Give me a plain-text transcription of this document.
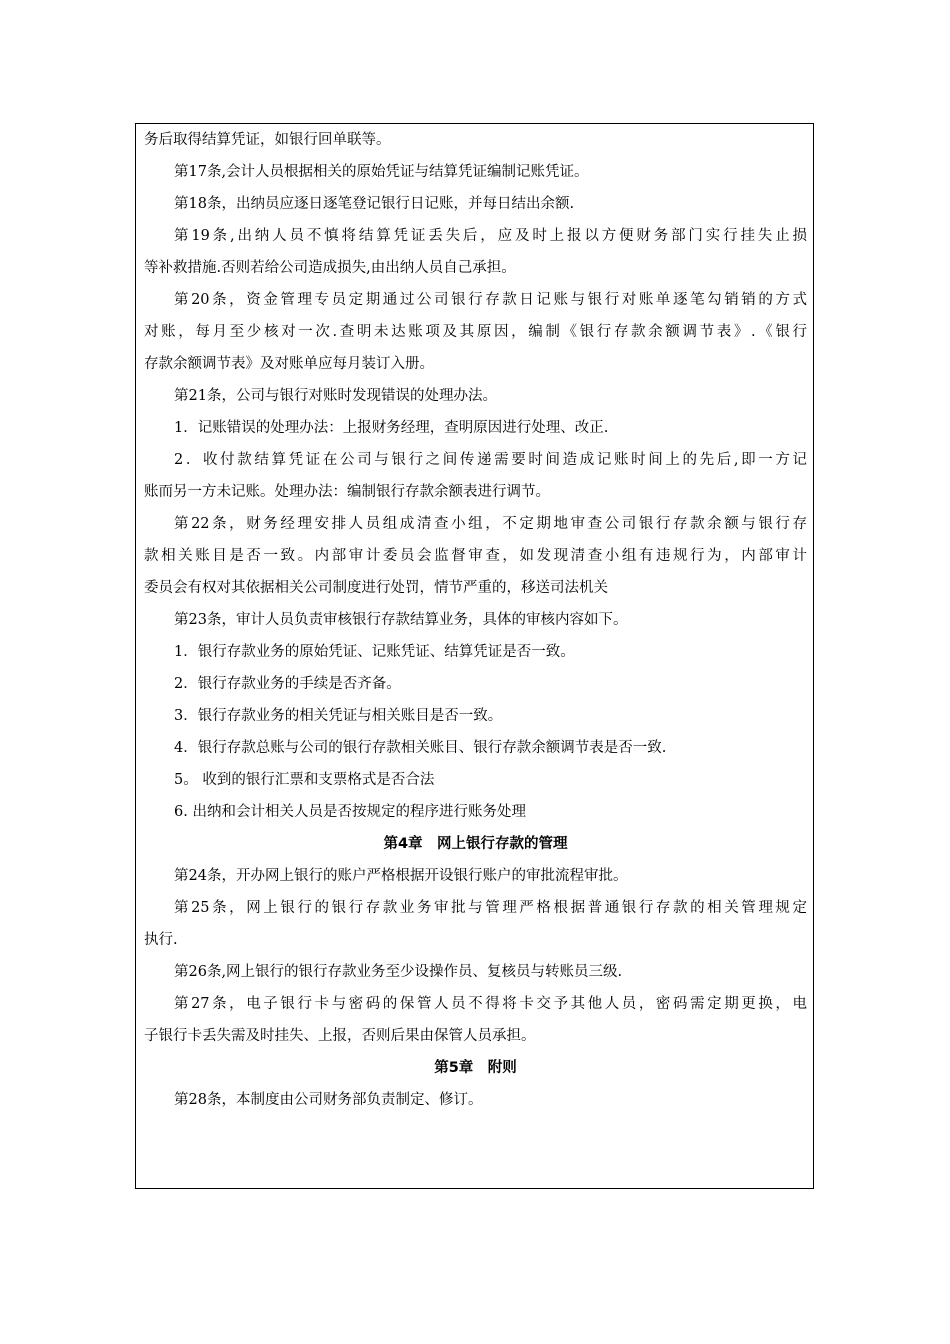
务后取得结算凭证，如银行回单联等。
第17条,会计人员根据相关的原始凭证与结算凭证编制记账凭证。
第18条，出纳员应逐日逐笔登记银行日记账，并每日结出余额.
第19条,出纳人员不慎将结算凭证丢失后，应及时上报以方便财务部门实行挂失止损
等补救措施.否则若给公司造成损失,由出纳人员自己承担。
第20条，资金管理专员定期通过公司银行存款日记账与银行对账单逐笔勾销销的方式
对账，每月至少核对一次.查明未达账项及其原因，编制《银行存款余额调节表》.《银行
存款余额调节表》及对账单应每月装订入册。
第21条，公司与银行对账时发现错误的处理办法。
1．记账错误的处理办法：上报财务经理，查明原因进行处理、改正.
2．收付款结算凭证在公司与银行之间传递需要时间造成记账时间上的先后,即一方记
账而另一方未记账。处理办法：编制银行存款余额表进行调节。
第22条，财务经理安排人员组成清查小组，不定期地审查公司银行存款余额与银行存
款相关账目是否一致。内部审计委员会监督审查，如发现清查小组有违规行为，内部审计
委员会有权对其依据相关公司制度进行处罚，情节严重的，移送司法机关
第23条，审计人员负责审核银行存款结算业务，具体的审核内容如下。
1．银行存款业务的原始凭证、记账凭证、结算凭证是否一致。
2．银行存款业务的手续是否齐备。
3．银行存款业务的相关凭证与相关账目是否一致。
4．银行存款总账与公司的银行存款相关账目、银行存款余额调节表是否一致.
5。 收到的银行汇票和支票格式是否合法
6. 出纳和会计相关人员是否按规定的程序进行账务处理
第4章　网上银行存款的管理
第24条，开办网上银行的账户严格根据开设银行账户的审批流程审批。
第25条，网上银行的银行存款业务审批与管理严格根据普通银行存款的相关管理规定
执行.
第26条,网上银行的银行存款业务至少设操作员、复核员与转账员三级.
第27条，电子银行卡与密码的保管人员不得将卡交予其他人员，密码需定期更换，电
子银行卡丢失需及时挂失、上报，否则后果由保管人员承担。
第5章　附则
第28条，本制度由公司财务部负责制定、修订。
